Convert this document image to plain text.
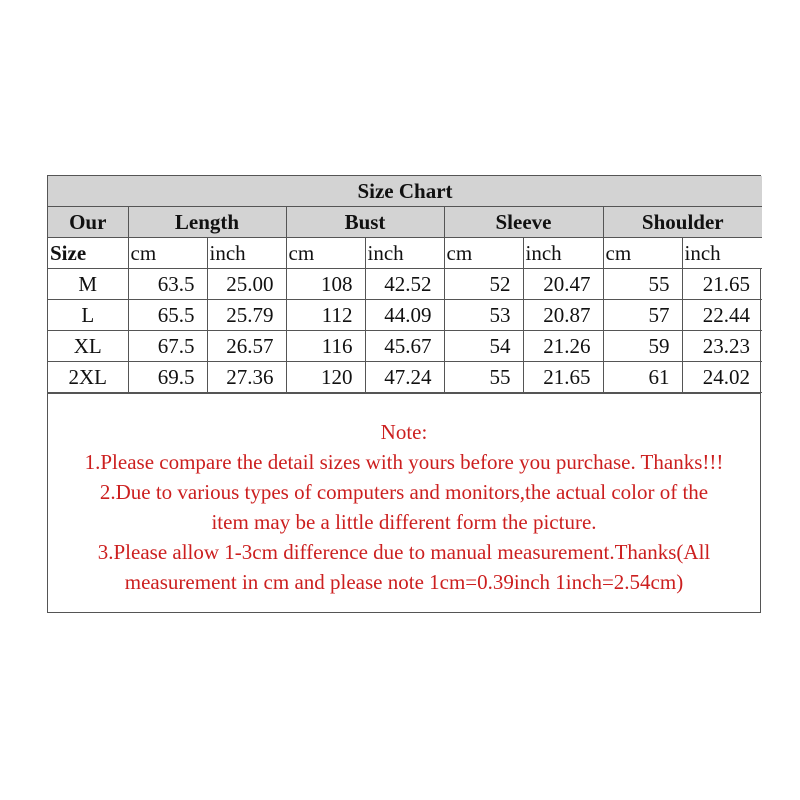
Size Chart								
Our	Length		Bust		Sleeve		Shoulder	
Size	cm	inch	cm	inch	cm	inch	cm	inch
M	63.5	25.00	108	42.52	52	20.47	55	21.65
L	65.5	25.79	112	44.09	53	20.87	57	22.44
XL	67.5	26.57	116	45.67	54	21.26	59	23.23
2XL	69.5	27.36	120	47.24	55	21.65	61	24.02
Note:
1.Please compare the detail sizes with yours before you purchase. Thanks!!!
2.Due to various types of computers and monitors,the actual color of the
item may be a little different form the picture.
3.Please allow 1-3cm difference due to manual measurement.Thanks(All
measurement in cm and please note 1cm=0.39inch 1inch=2.54cm)
